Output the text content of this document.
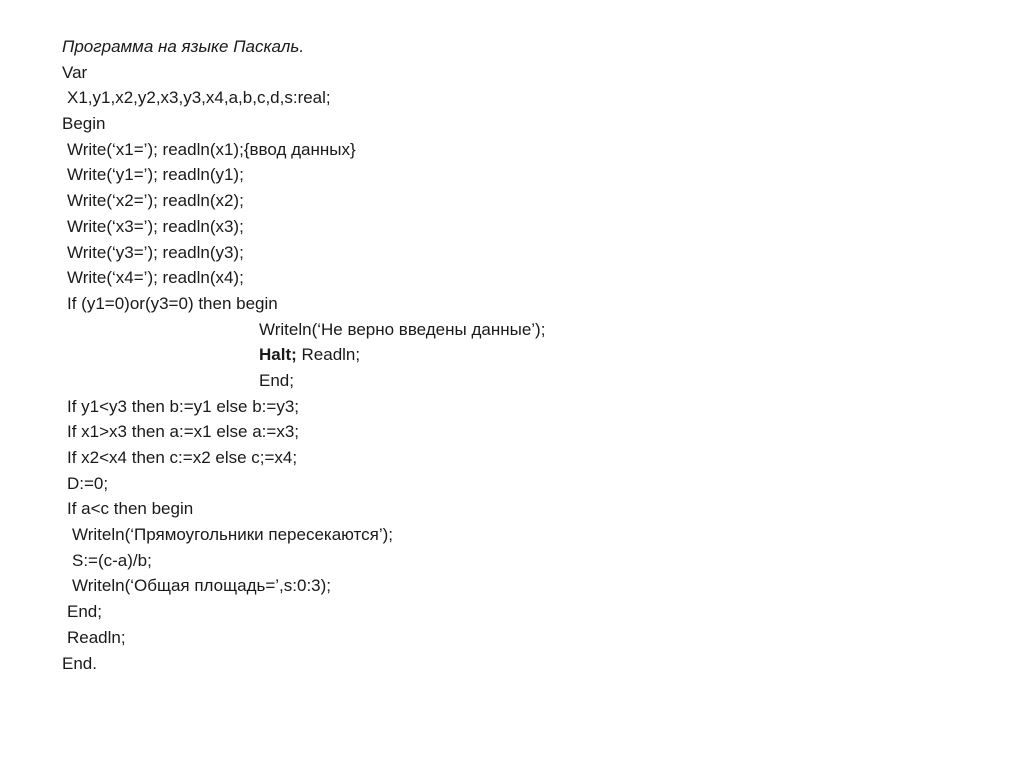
Программа на языке Паскаль.
Var
X1,y1,x2,y2,x3,y3,x4,a,b,c,d,s:real;
Begin
Write(‘x1=’); readln(x1);{ввод данных}
Write(‘y1=’); readln(y1);
Write(‘x2=’); readln(x2);
Write(‘x3=’); readln(x3);
Write(‘y3=’); readln(y3);
Write(‘x4=’); readln(x4);
If (y1=0)or(y3=0) then begin
Writeln(‘Не верно введены данные’);
Halt; Readln;
End;
If y1<y3 then b:=y1 else b:=y3;
If x1>x3 then a:=x1 else a:=x3;
If x2<x4 then c:=x2 else c;=x4;
D:=0;
If a<c then begin
Writeln(‘Прямоугольники пересекаются’);
S:=(c-a)/b;
Writeln(‘Общая площадь=’,s:0:3);
End;
Readln;
End.
